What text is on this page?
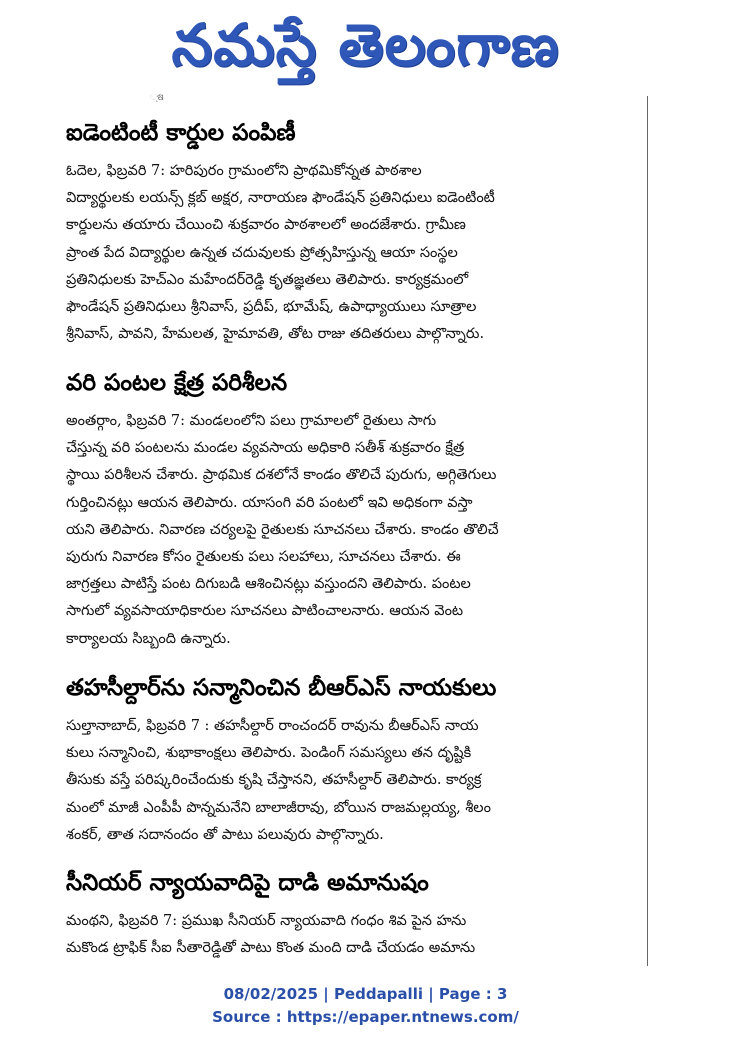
నమస్తే తెలంగాణ
୍ଷ
ఐడెంటింటీ కార్డుల పంపిణీ
ఓదెల, ఫిబ్రవరి 7: హరిపురం గ్రామంలోని ప్రాథమికోన్నత పాఠశాల
విద్యార్థులకు లయన్స్ క్లబ్ అక్షర, నారాయణ ఫౌండేషన్ ప్రతినిధులు ఐడెంటింటీ
కార్డులను తయారు చేయించి శుక్రవారం పాఠశాలలో అందజేశారు. గ్రామీణ
ప్రాంత పేద విద్యార్థుల ఉన్నత చదువులకు ప్రోత్సహిస్తున్న ఆయా సంస్థల
ప్రతినిధులకు హెచ్ఎం మహేందర్‌రెడ్డి కృతజ్ఞతలు తెలిపారు. కార్యక్రమంలో
ఫౌండేషన్ ప్రతినిధులు శ్రీనివాస్, ప్రదీప్, భూమేష్, ఉపాధ్యాయులు సూత్రాల
శ్రీనివాస్, పావని, హేమలత, హైమావతి, తోట రాజు తదితరులు పాల్గొన్నారు.
వరి పంటల క్షేత్ర పరిశీలన
అంతర్గాం, ఫిబ్రవరి 7: మండలంలోని పలు గ్రామాలలో రైతులు సాగు
చేస్తున్న వరి పంటలను మండల వ్యవసాయ అధికారి సతీశ్ శుక్రవారం క్షేత్ర
స్థాయి పరిశీలన చేశారు. ప్రాథమిక దశలోనే కాండం తొలిచే పురుగు, అగ్గితెగులు
గుర్తించినట్లు ఆయన తెలిపారు. యాసంగి వరి పంటలో ఇవి అధికంగా వస్తా
యని తెలిపారు. నివారణ చర్యలపై రైతులకు సూచనలు చేశారు. కాండం తొలిచే
పురుగు నివారణ కోసం రైతులకు పలు సలహాలు, సూచనలు చేశారు. ఈ
జాగ్రత్తలు పాటిస్తే పంట దిగుబడి ఆశించినట్లు వస్తుందని తెలిపారు. పంటల
సాగులో వ్యవసాయాధికారుల సూచనలు పాటించాలనారు. ఆయన వెంట
కార్యాలయ సిబ్బంది ఉన్నారు.
తహసీల్దార్‌ను సన్మానించిన బీఆర్ఎస్ నాయకులు
సుల్తానాబాద్, ఫిబ్రవరి 7 : తహసీల్దార్ రాంచందర్ రావును బీఆర్ఎస్ నాయ
కులు సన్మానించి, శుభాకాంక్షలు తెలిపారు. పెండింగ్ సమస్యలు తన దృష్టికి
తీసుకు వస్తే పరిష్కరించేందుకు కృషి చేస్తానని, తహసీల్దార్ తెలిపారు. కార్యక్ర
మంలో మాజీ ఎంపీపీ పొన్నమనేని బాలాజీరావు, బోయిన రాజమల్లయ్య, శీలం
శంకర్, తాత సదానందం తో పాటు పలువురు పాల్గొన్నారు.
సీనియర్ న్యాయవాదిపై దాడి అమానుషం
మంథని, ఫిబ్రవరి 7: ప్రముఖ సీనియర్ న్యాయవాది గంధం శివ పైన హను
మకొండ ట్రాఫిక్ సీఐ సీతారెడ్డితో పాటు కొంత మంది దాడి చేయడం అమాను
08/02/2025 | Peddapalli | Page : 3
Source : https://epaper.ntnews.com/
